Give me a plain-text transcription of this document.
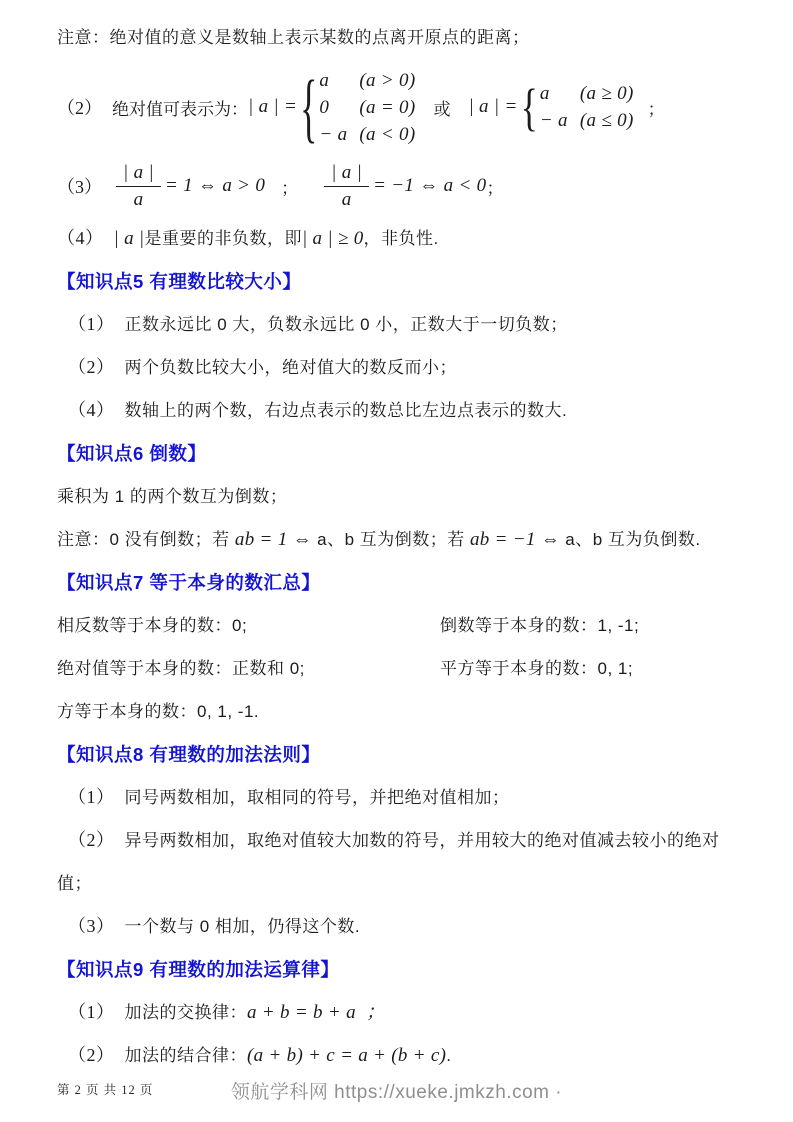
注意：绝对值的意义是数轴上表示某数的点离开原点的距离；

（2） 绝对值可表示为： | a | = { a	(a > 0)
0	(a = 0)
− a (a < 0)
或 | a | = { a	(a ≥ 0)
− a (a ≤ 0)
；
$(3) \frac{| a |}{a} = 1$ ⇔ a > 0 ； $\frac{| a |}{a} = -1$ ⇔ a < 0 ；

（4） | a |是重要的非负数，即| a | ≥ 0，非负性.

【知识点5 有理数比较大小】

（1） 正数永远比 0 大，负数永远比 0 小，正数大于一切负数；

（2） 两个负数比较大小，绝对值大的数反而小；

（4） 数轴上的两个数，右边点表示的数总比左边点表示的数大.

【知识点6 倒数】

乘积为 1 的两个数互为倒数；

注意：0 没有倒数；若 ab = 1 ⇔ a、b 互为倒数；若 ab = −1 ⇔ a、b 互为负倒数.

【知识点7 等于本身的数汇总】
相反数等于本身的数：0;	倒数等于本身的数：1, -1;
绝对值等于本身的数：正数和 0;	平方等于本身的数：0, 1;
方等于本身的数：0, 1, -1.
【知识点8 有理数的加法法则】

（1） 同号两数相加，取相同的符号，并把绝对值相加；

（2） 异号两数相加，取绝对值较大加数的符号，并用较大的绝对值减去较小的绝对值；

（3） 一个数与 0 相加，仍得这个数.

【知识点9 有理数的加法运算律】

（1） 加法的交换律：a + b = b + a  ；

（2） 加法的结合律：(a + b) + c = a + (b + c).

第 2 页 共 12 页	领航学科网 https://xueke.jmkzh.com ·
